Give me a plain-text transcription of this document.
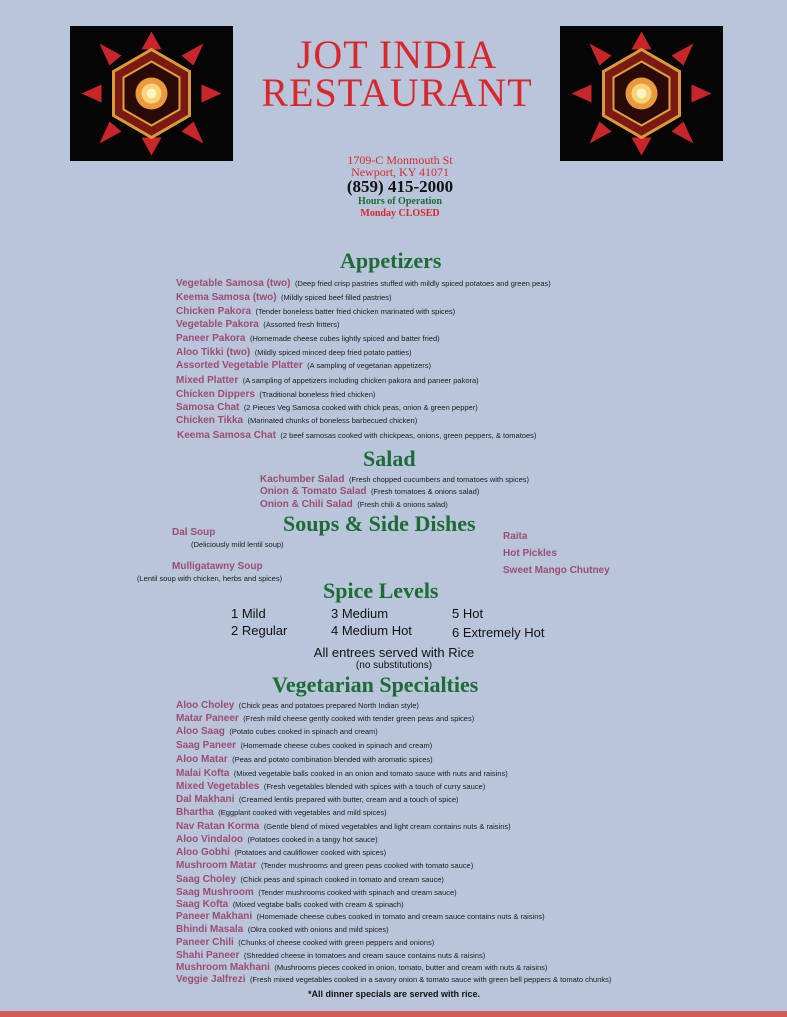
JOT INDIA
RESTAURANT
1709-C Monmouth St
Newport, KY 41071
(859) 415-2000
Hours of Operation
Monday CLOSED
Appetizers
Vegetable Samosa (two) (Deep fried crisp pastries stuffed with mildly spiced potatoes and green peas)
Keema Samosa (two) (Mildly spiced beef filled pastries)
Chicken Pakora (Tender boneless batter fried chicken marinated with spices)
Vegetable Pakora (Assorted fresh fritters)
Paneer Pakora (Homemade cheese cubes lightly spiced and batter fried)
Aloo Tikki (two) (Mildly spiced minced deep fried potato patties)
Assorted Vegetable Platter (A sampling of vegetarian appetizers)
Mixed Platter (A sampling of appetizers including chicken pakora and paneer pakora)
Chicken Dippers (Traditional boneless fried chicken)
Samosa Chat (2 Pieces Veg Samosa cooked with chick peas, onion & green pepper)
Chicken Tikka (Marinated chunks of boneless barbecued chicken)
Keema Samosa Chat (2 beef samosas cooked with chickpeas, onions, green peppers, & tomatoes)
Salad
Kachumber Salad (Fresh chopped cucumbers and tomatoes with spices)
Onion & Tomato Salad (Fresh tomatoes & onions salad)
Onion & Chili Salad (Fresh chili & onions salad)
Soups & Side Dishes
Dal Soup
(Deliciously mild lentil soup)
Mulligatawny Soup
(Lentil soup with chicken, herbs and spices)
Raita
Hot Pickles
Sweet Mango Chutney
Spice Levels
1 Mild
2 Regular
3 Medium
4 Medium Hot
5 Hot
6 Extremely Hot
All entrees served with Rice
(no substitutions)
Vegetarian Specialties
Aloo Choley (Chick peas and potatoes prepared North Indian style)
Matar Paneer (Fresh mild cheese gently cooked with tender green peas and spices)
Aloo Saag (Potato cubes cooked in spinach and cream)
Saag Paneer (Homemade cheese cubes cooked in spinach and cream)
Aloo Matar (Peas and potato combination blended with aromatic spices)
Malai Kofta (Mixed vegetable balls cooked in an onion and tomato sauce with nuts and raisins)
Mixed Vegetables (Fresh vegetables blended with spices with a touch of curry sauce)
Dal Makhani (Creamed lentils prepared with butter, cream and a touch of spice)
Bhartha (Eggplant cooked with vegetables and mild spices)
Nav Ratan Korma (Gentle blend of mixed vegetables and light cream contains nuts & raisins)
Aloo Vindaloo (Potatoes cooked in a tangy hot sauce)
Aloo Gobhi (Potatoes and cauliflower cooked with spices)
Mushroom Matar (Tender mushrooms and green peas cooked with tomato sauce)
Saag Choley (Chick peas and spinach cooked in tomato and cream sauce)
Saag Mushroom (Tender mushrooms cooked with spinach and cream sauce)
Saag Kofta (Mixed vegtabe balls cooked with cream & spinach)
Paneer Makhani (Homemade cheese cubes cooked in tomato and cream sauce contains nuts & raisins)
Bhindi Masala (Okra cooked with onions and mild spices)
Paneer Chili (Chunks of cheese cooked with green peppers and onions)
Shahi Paneer (Shredded cheese in tomatoes and cream sauce contains nuts & raisins)
Mushroom Makhani (Mushrooms pieces cooked in onion, tomato, butter and cream with nuts & raisins)
Veggie Jalfrezi (Fresh mixed vegetables cooked in a savory onion & tomato sauce with green bell peppers & tomato chunks)
*All dinner specials are served with rice.
